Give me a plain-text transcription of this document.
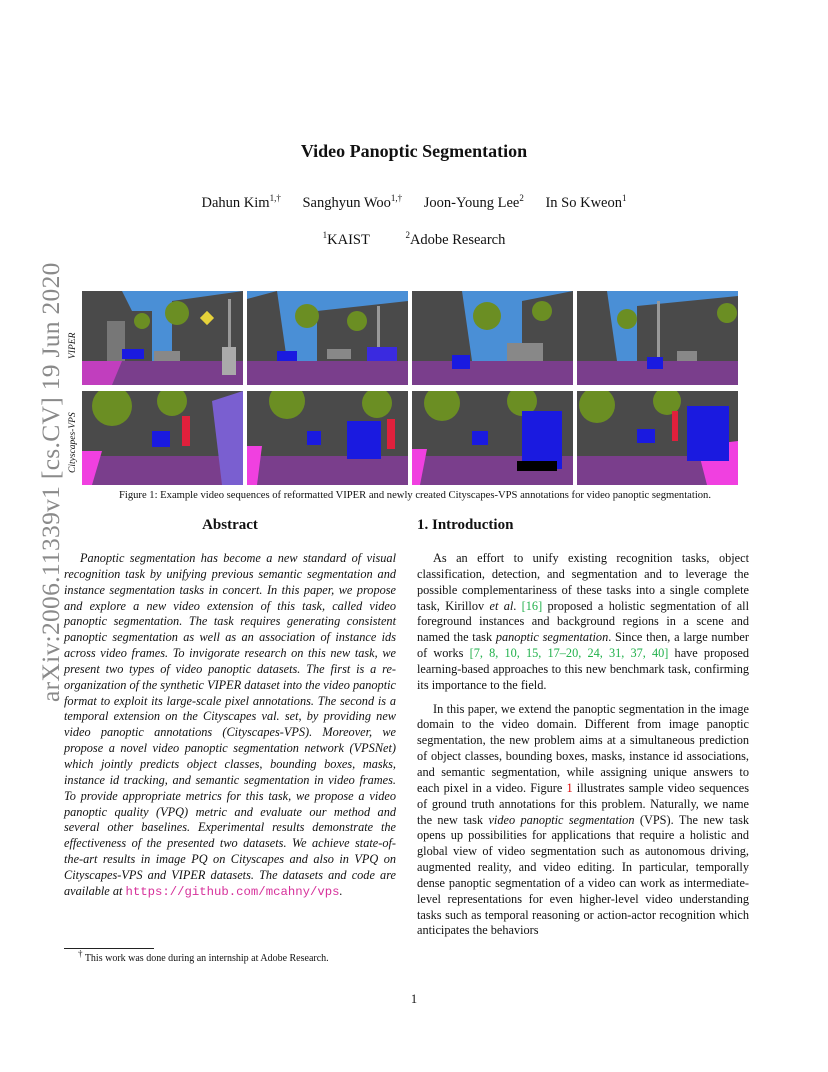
arXiv:2006.11339v1 [cs.CV] 19 Jun 2020
Video Panoptic Segmentation
Dahun Kim$^{1,\dagger}$ Sanghyun Woo$^{1,\dagger}$ Joon-Young Lee$^2$ In So Kweon$^1$
$^1$KAIST	$^2$Adobe Research
VIPER
Cityscapes-VPS
Figure 1: Example video sequences of reformatted VIPER and newly created Cityscapes-VPS annotations for video panoptic segmentation.
Abstract

Panoptic segmentation has become a new standard of visual recognition task by unifying previous semantic segmentation and instance segmentation tasks in concert. In this paper, we propose and explore a new video extension of this task, called video panoptic segmentation. The task requires generating consistent panoptic segmentation as well as an association of instance ids across video frames. To invigorate research on this new task, we present two types of video panoptic datasets. The first is a re-organization of the synthetic VIPER dataset into the video panoptic format to exploit its large-scale pixel annotations. The second is a temporal extension on the Cityscapes val. set, by providing new video panoptic annotations (Cityscapes-VPS). Moreover, we propose a novel video panoptic segmentation network (VPSNet) which jointly predicts object classes, bounding boxes, masks, instance id tracking, and semantic segmentation in video frames. To provide appropriate metrics for this task, we propose a video panoptic quality (VPQ) metric and evaluate our method and several other baselines. Experimental results demonstrate the effectiveness of the presented two datasets. We achieve state-of-the-art results in image PQ on Cityscapes and also in VPQ on Cityscapes-VPS and VIPER datasets. The datasets and code are available at https://github.com/mcahny/vps.

† This work was done during an internship at Adobe Research.
1. Introduction

As an effort to unify existing recognition tasks, object classification, detection, and segmentation and to leverage the possible complementariness of these tasks into a single complete task, Kirillov et al. [16] proposed a holistic segmentation of all foreground instances and background regions in a scene and named the task panoptic segmentation. Since then, a large number of works [7, 8, 10, 15, 17–20, 24, 31, 37, 40] have proposed learning-based approaches to this new benchmark task, confirming its importance to the field.

In this paper, we extend the panoptic segmentation in the image domain to the video domain. Different from image panoptic segmentation, the new problem aims at a simultaneous prediction of object classes, bounding boxes, masks, instance id associations, and semantic segmentation, while assigning unique answers to each pixel in a video. Figure 1 illustrates sample video sequences of ground truth annotations for this problem. Naturally, we name the new task video panoptic segmentation (VPS). The new task opens up possibilities for applications that require a holistic and global view of video segmentation such as autonomous driving, augmented reality, and video editing. In particular, temporally dense panoptic segmentation of a video can work as intermediate-level representations for even higher-level video understanding tasks such as temporal reasoning or action-actor recognition which anticipates the behaviors

1
